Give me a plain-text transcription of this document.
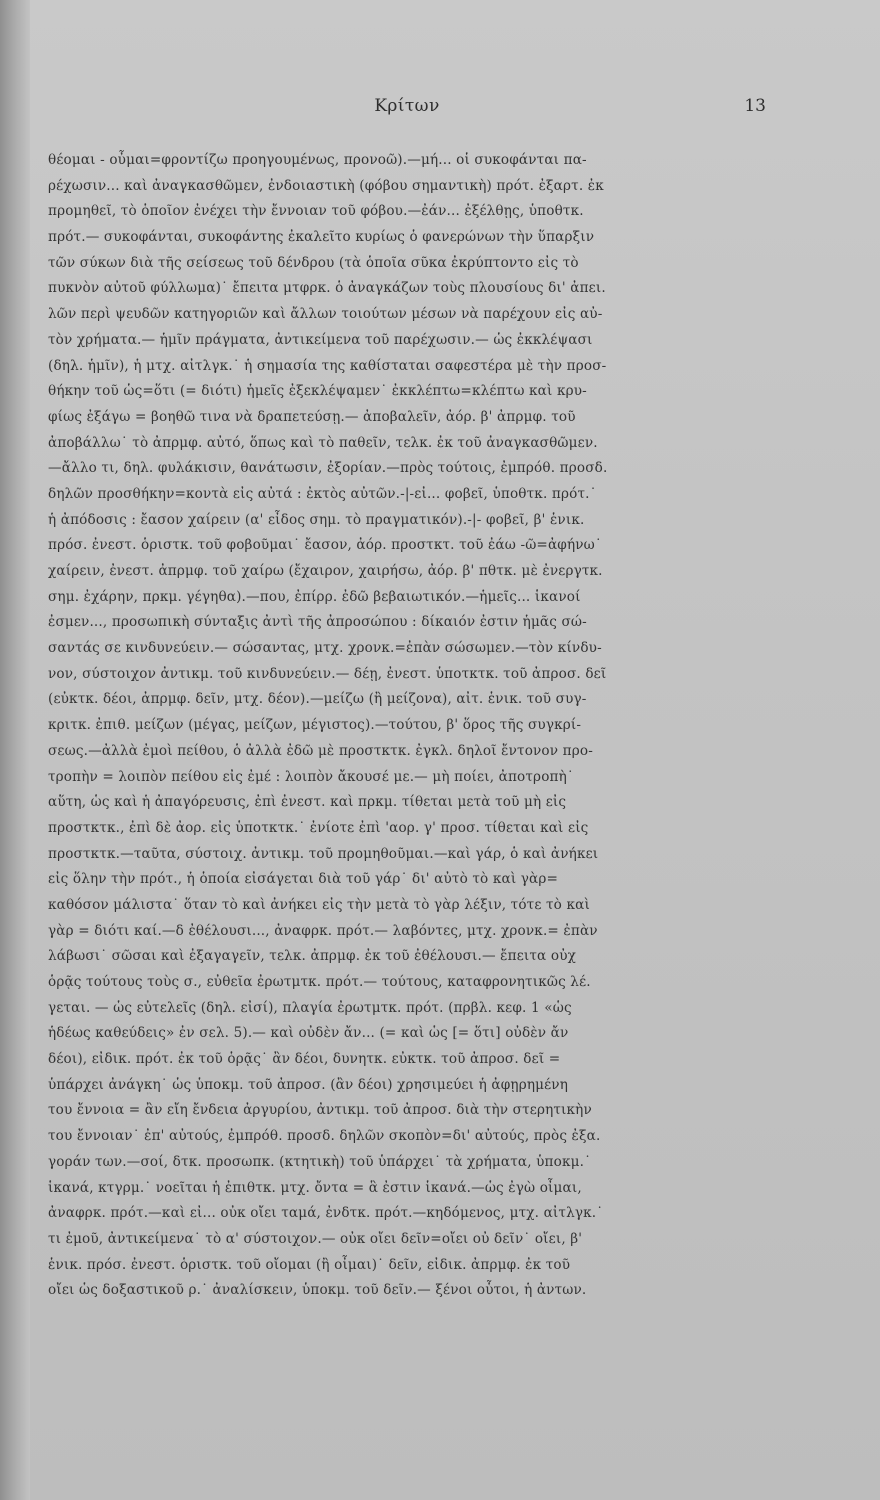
Κρίτων	13
θέομαι - οὖμαι=φροντίζω προηγουμένως, προνοῶ).—μή... οἱ συκοφάνται πα-
ρέχωσιν... καὶ ἀναγκασθῶμεν, ἐνδοιαστικὴ (φόβου σημαντικὴ) πρότ. ἐξαρτ. ἐκ
προμηθεῖ, τὸ ὁποῖον ἐνέχει τὴν ἔννοιαν τοῦ φόβου.—ἐάν... ἐξέλθῃς, ὑποθτκ.
πρότ.— συκοφάνται, συκοφάντης ἐκαλεῖτο κυρίως ὁ φανερώνων τὴν ὕπαρξιν
τῶν σύκων διὰ τῆς σείσεως τοῦ δένδρου (τὰ ὁποῖα σῦκα ἐκρύπτοντο εἰς τὸ
πυκνὸν αὐτοῦ φύλλωμα)˙ ἔπειτα μτφρκ. ὁ ἀναγκάζων τοὺς πλουσίους δι' ἀπει.
λῶν περὶ ψευδῶν κατηγοριῶν καὶ ἄλλων τοιούτων μέσων νὰ παρέχουν εἰς αὐ-
τὸν χρήματα.— ἡμῖν πράγματα, ἀντικείμενα τοῦ παρέχωσιν.— ὡς ἐκκλέψασι
(δηλ. ἡμῖν), ἡ μτχ. αἰτλγκ.˙ ἡ σημασία της καθίσταται σαφεστέρα μὲ τὴν προσ-
θήκην τοῦ ὡς=ὅτι (= διότι) ἡμεῖς ἐξεκλέψαμεν˙ ἐκκλέπτω=κλέπτω καὶ κρυ-
φίως ἐξάγω = βοηθῶ τινα νὰ δραπετεύσῃ.— ἀποβαλεῖν, ἀόρ. β' ἀπρμφ. τοῦ
ἀποβάλλω˙ τὸ ἀπρμφ. αὐτό, ὅπως καὶ τὸ παθεῖν, τελκ. ἐκ τοῦ ἀναγκασθῶμεν.
—ἄλλο τι, δηλ. φυλάκισιν, θανάτωσιν, ἐξορίαν.—πρὸς τούτοις, ἐμπρόθ. προσδ.
δηλῶν προσθήκην=κοντὰ εἰς αὐτά : ἐκτὸς αὐτῶν.-|-εἰ... φοβεῖ, ὑποθτκ. πρότ.˙
ἡ ἀπόδοσις : ἔασον χαίρειν (α' εἶδος σημ. τὸ πραγματικόν).-|- φοβεῖ, β' ἑνικ.
πρόσ. ἐνεστ. ὁριστκ. τοῦ φοβοῦμαι˙ ἔασον, ἀόρ. προστκτ. τοῦ ἐάω -ῶ=ἀφήνω˙
χαίρειν, ἐνεστ. ἀπρμφ. τοῦ χαίρω (ἔχαιρον, χαιρήσω, ἀόρ. β' πθτκ. μὲ ἐνεργτκ.
σημ. ἐχάρην, πρκμ. γέγηθα).—που, ἐπίρρ. ἐδῶ βεβαιωτικόν.—ἡμεῖς... ἱκανοί
ἐσμεν..., προσωπικὴ σύνταξις ἀντὶ τῆς ἀπροσώπου : δίκαιόν ἐστιν ἡμᾶς σώ-
σαντάς σε κινδυνεύειν.— σώσαντας, μτχ. χρονκ.=ἐπὰν σώσωμεν.—τὸν κίνδυ-
νον, σύστοιχον ἀντικμ. τοῦ κινδυνεύειν.— δέῃ, ἐνεστ. ὑποτκτκ. τοῦ ἀπροσ. δεῖ
(εὐκτκ. δέοι, ἀπρμφ. δεῖν, μτχ. δέον).—μείζω (ἢ μείζονα), αἰτ. ἑνικ. τοῦ συγ-
κριτκ. ἐπιθ. μείζων (μέγας, μείζων, μέγιστος).—τούτου, β' ὅρος τῆς συγκρί-
σεως.—ἀλλὰ ἐμοὶ πείθου, ὁ ἀλλὰ ἐδῶ μὲ προστκτκ. ἐγκλ. δηλοῖ ἔντονον προ-
τροπὴν = λοιπὸν πείθου εἰς ἐμέ : λοιπὸν ἄκουσέ με.— μὴ ποίει, ἀποτροπὴ˙
αὕτη, ὡς καὶ ἡ ἀπαγόρευσις, ἐπὶ ἐνεστ. καὶ πρκμ. τίθεται μετὰ τοῦ μὴ εἰς
προστκτκ., ἐπὶ δὲ ἀορ. εἰς ὑποτκτκ.˙ ἐνίοτε ἐπὶ 'αορ. γ' προσ. τίθεται καὶ εἰς
προστκτκ.—ταῦτα, σύστοιχ. ἀντικμ. τοῦ προμηθοῦμαι.—καὶ γάρ, ὁ καὶ ἀνήκει
εἰς ὅλην τὴν πρότ., ἡ ὁποία εἰσάγεται διὰ τοῦ γάρ˙ δι' αὐτὸ τὸ καὶ γὰρ=
καθόσον μάλιστα˙ ὅταν τὸ καὶ ἀνήκει εἰς τὴν μετὰ τὸ γὰρ λέξιν, τότε τὸ καὶ
γὰρ = διότι καί.—δ ἐθέλουσι..., ἀναφρκ. πρότ.— λαβόντες, μτχ. χρονκ.= ἐπὰν
λάβωσι˙ σῶσαι καὶ ἐξαγαγεῖν, τελκ. ἀπρμφ. ἐκ τοῦ ἐθέλουσι.— ἔπειτα οὐχ
ὁρᾷς τούτους τοὺς σ., εὐθεῖα ἐρωτμτκ. πρότ.— τούτους, καταφρονητικῶς λέ.
γεται. — ὡς εὐτελεῖς (δηλ. εἰσί), πλαγία ἐρωτμτκ. πρότ. (πρβλ. κεφ. 1 «ὡς
ἡδέως καθεύδεις» ἐν σελ. 5).— καὶ οὐδὲν ἄν... (= καὶ ὡς [= ὅτι] οὐδὲν ἄν
δέοι), εἰδικ. πρότ. ἐκ τοῦ ὁρᾷς˙ ἂν δέοι, δυνητκ. εὐκτκ. τοῦ ἀπροσ. δεῖ =
ὑπάρχει ἀνάγκη˙ ὡς ὑποκμ. τοῦ ἀπροσ. (ἂν δέοι) χρησιμεύει ἡ ἀφῃρημένη
του ἔννοια = ἂν εἴη ἔνδεια ἀργυρίου, ἀντικμ. τοῦ ἀπροσ. διὰ τὴν στερητικὴν
του ἔννοιαν˙ ἐπ' αὐτούς, ἐμπρόθ. προσδ. δηλῶν σκοπὸν=δι' αὐτούς, πρὸς ἐξα.
γοράν των.—σοί, δτκ. προσωπκ. (κτητικὴ) τοῦ ὑπάρχει˙ τὰ χρήματα, ὑποκμ.˙
ἱκανά, κτγρμ.˙ νοεῖται ἡ ἐπιθτκ. μτχ. ὄντα = ἃ ἐστιν ἱκανά.—ὡς ἐγὼ οἶμαι,
ἀναφρκ. πρότ.—καὶ εἰ... οὐκ οἴει ταμά, ἐνδτκ. πρότ.—κηδόμενος, μτχ. αἰτλγκ.˙
τι ἐμοῦ, ἀντικείμενα˙ τὸ α' σύστοιχον.— οὐκ οἴει δεῖν=οἴει οὐ δεῖν˙ οἴει, β'
ἑνικ. πρόσ. ἐνεστ. ὁριστκ. τοῦ οἴομαι (ἢ οἶμαι)˙ δεῖν, εἰδικ. ἀπρμφ. ἐκ τοῦ
οἴει ὡς δοξαστικοῦ ρ.˙ ἀναλίσκειν, ὑποκμ. τοῦ δεῖν.— ξένοι οὗτοι, ἡ ἀντων.
